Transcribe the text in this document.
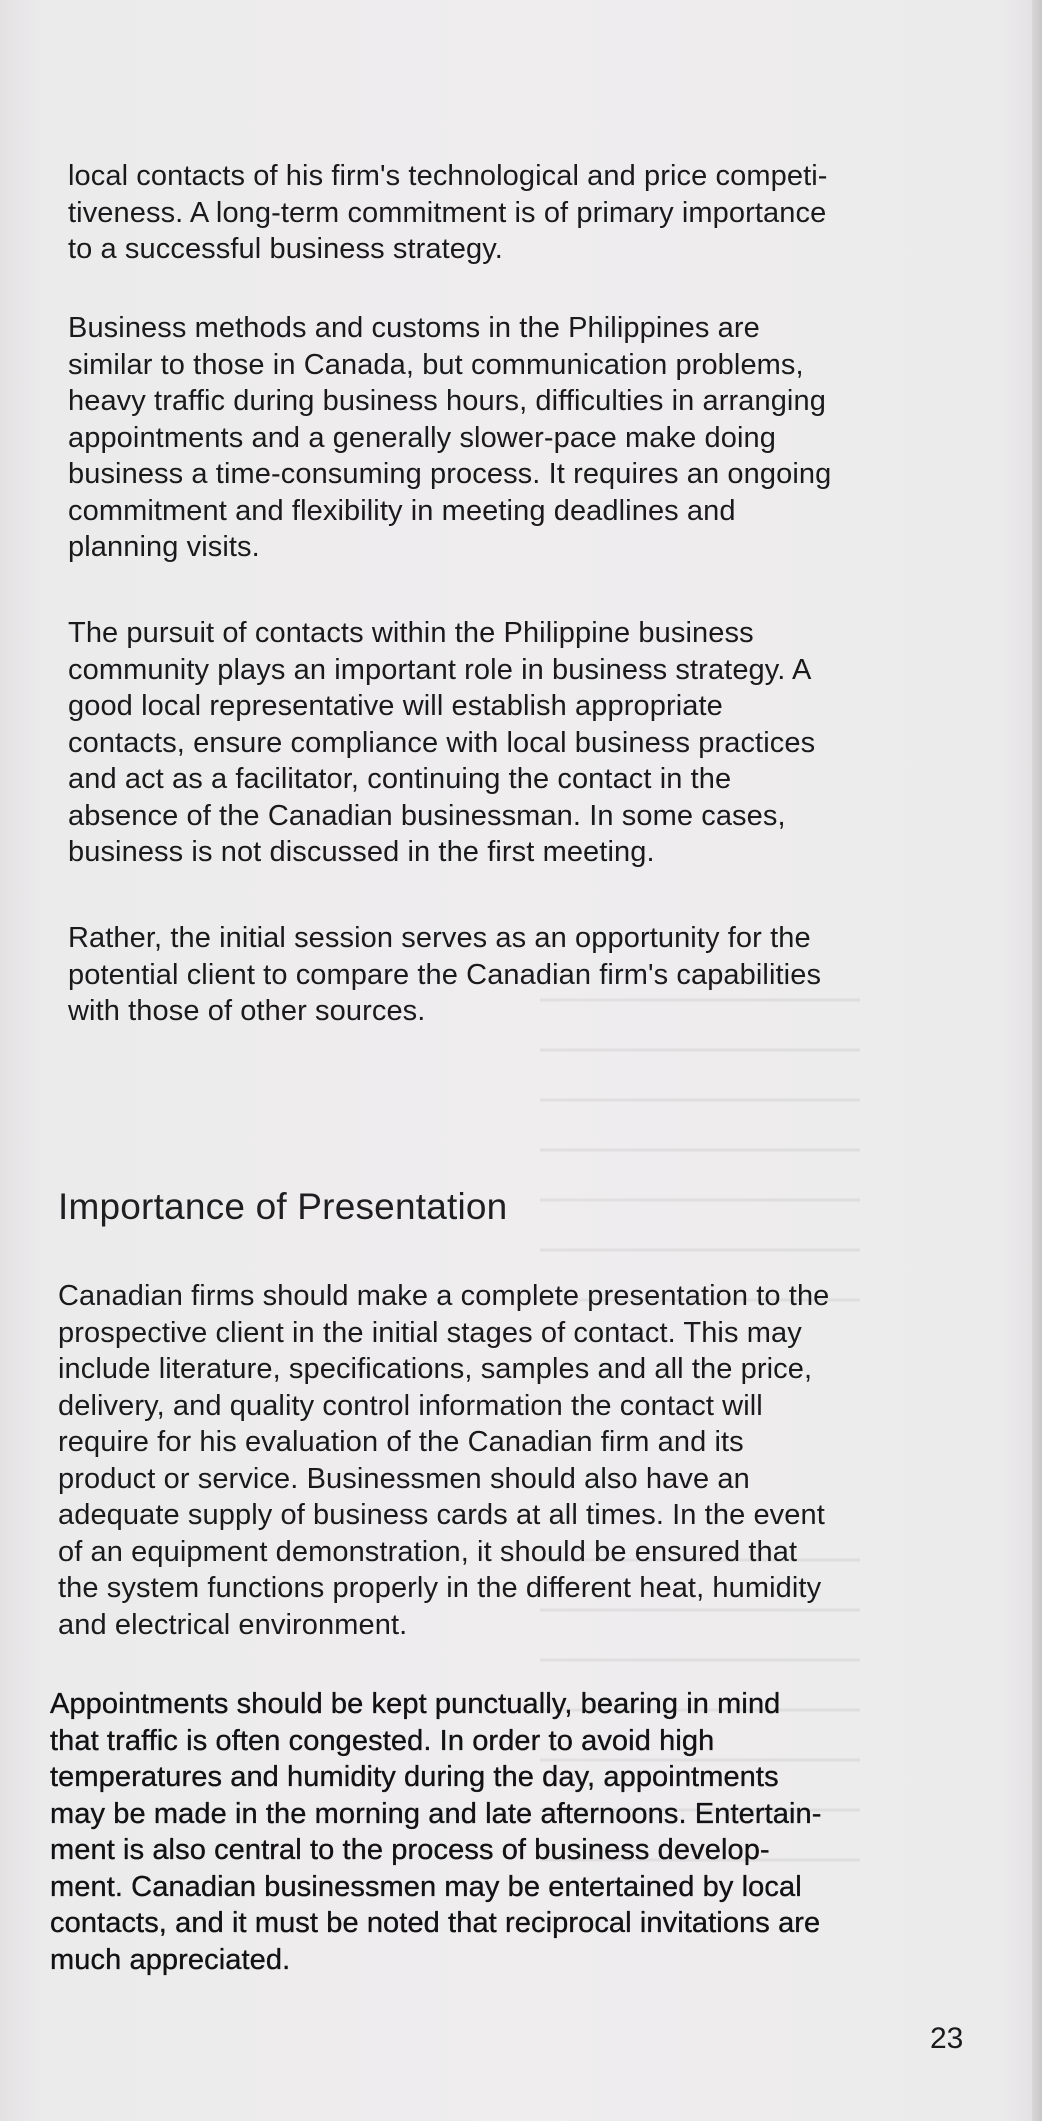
local contacts of his firm's technological and price competi-
tiveness. A long-term commitment is of primary importance
to a successful business strategy.

Business methods and customs in the Philippines are
similar to those in Canada, but communication problems,
heavy traffic during business hours, difficulties in arranging
appointments and a generally slower-pace make doing
business a time-consuming process. It requires an ongoing
commitment and flexibility in meeting deadlines and
planning visits.

The pursuit of contacts within the Philippine business
community plays an important role in business strategy. A
good local representative will establish appropriate
contacts, ensure compliance with local business practices
and act as a facilitator, continuing the contact in the
absence of the Canadian businessman. In some cases,
business is not discussed in the first meeting.

Rather, the initial session serves as an opportunity for the
potential client to compare the Canadian firm's capabilities
with those of other sources.

Importance of Presentation

Canadian firms should make a complete presentation to the
prospective client in the initial stages of contact. This may
include literature, specifications, samples and all the price,
delivery, and quality control information the contact will
require for his evaluation of the Canadian firm and its
product or service. Businessmen should also have an
adequate supply of business cards at all times. In the event
of an equipment demonstration, it should be ensured that
the system functions properly in the different heat, humidity
and electrical environment.

Appointments should be kept punctually, bearing in mind
that traffic is often congested. In order to avoid high
temperatures and humidity during the day, appointments
may be made in the morning and late afternoons. Entertain-
ment is also central to the process of business develop-
ment. Canadian businessmen may be entertained by local
contacts, and it must be noted that reciprocal invitations are
much appreciated.

23
